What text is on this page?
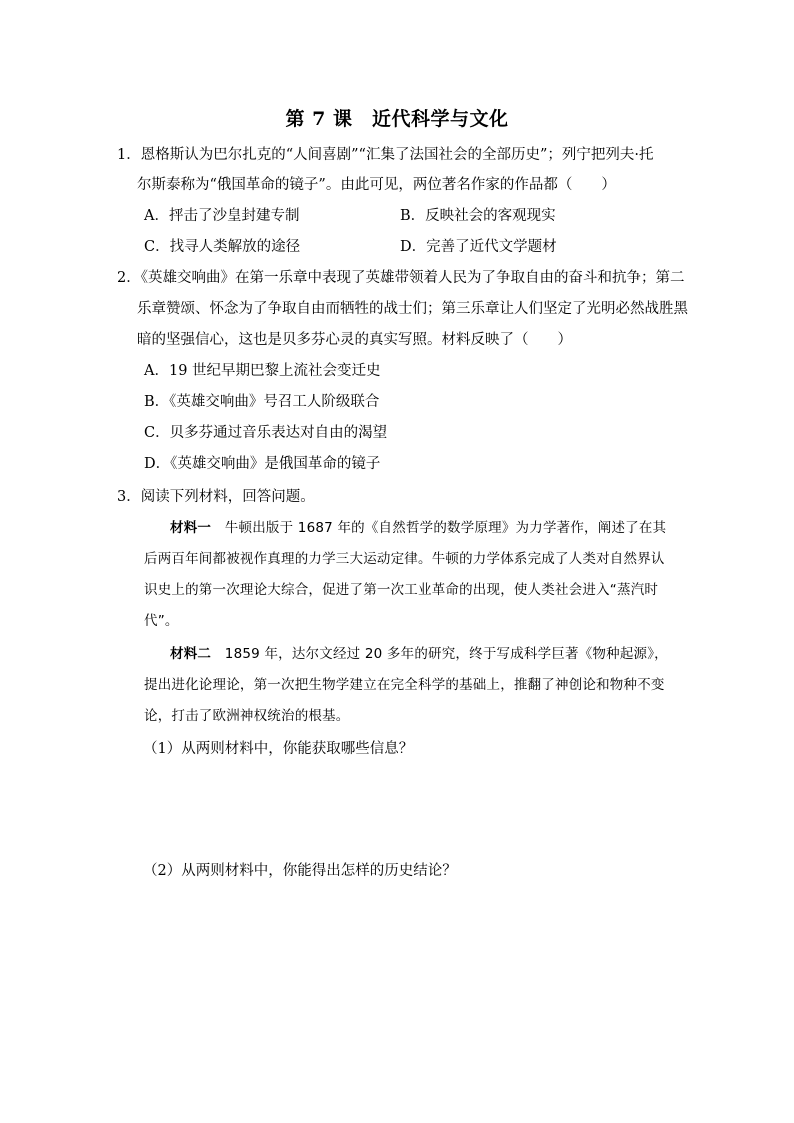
第 7 课　近代科学与文化
1．恩格斯认为巴尔扎克的“人间喜剧”“汇集了法国社会的全部历史”；列宁把列夫·托
尔斯泰称为“俄国革命的镜子”。由此可见，两位著名作家的作品都（　　）
A．抨击了沙皇封建专制	B．反映社会的客观现实
C．找寻人类解放的途径	D．完善了近代文学题材
2．《英雄交响曲》在第一乐章中表现了英雄带领着人民为了争取自由的奋斗和抗争；第二
乐章赞颂、怀念为了争取自由而牺牲的战士们；第三乐章让人们坚定了光明必然战胜黑
暗的坚强信心，这也是贝多芬心灵的真实写照。材料反映了（　　）
A．19 世纪早期巴黎上流社会变迁史
B．《英雄交响曲》号召工人阶级联合
C．贝多芬通过音乐表达对自由的渴望
D．《英雄交响曲》是俄国革命的镜子
3．阅读下列材料，回答问题。
材料一　牛顿出版于 1687 年的《自然哲学的数学原理》为力学著作，阐述了在其
后两百年间都被视作真理的力学三大运动定律。牛顿的力学体系完成了人类对自然界认
识史上的第一次理论大综合，促进了第一次工业革命的出现，使人类社会进入“蒸汽时
代”。
材料二　1859 年，达尔文经过 20 多年的研究，终于写成科学巨著《物种起源》，
提出进化论理论，第一次把生物学建立在完全科学的基础上，推翻了神创论和物种不变
论，打击了欧洲神权统治的根基。
（1）从两则材料中，你能获取哪些信息？
（2）从两则材料中，你能得出怎样的历史结论？
